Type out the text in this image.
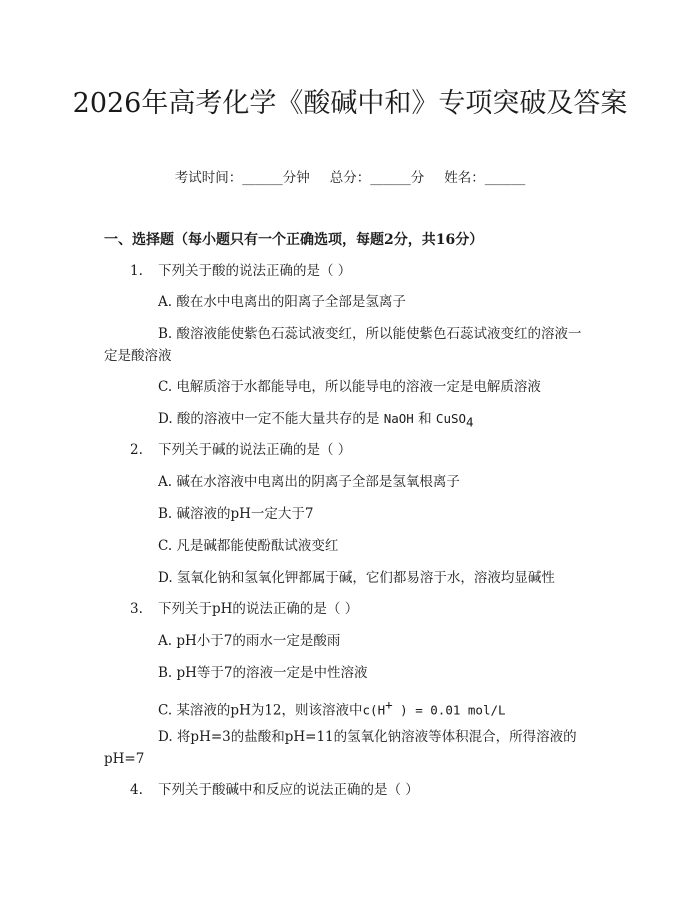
2026年高考化学《酸碱中和》专项突破及答案
考试时间：______分钟 总分：______分 姓名：______
一、选择题（每小题只有一个正确选项，每题2分，共16分）
1. 下列关于酸的说法正确的是（ ）
A. 酸在水中电离出的阳离子全部是氢离子
B. 酸溶液能使紫色石蕊试液变红，所以能使紫色石蕊试液变红的溶液一
定是酸溶液
C. 电解质溶于水都能导电，所以能导电的溶液一定是电解质溶液
D. 酸的溶液中一定不能大量共存的是 NaOH 和 CuSO$_4$
2. 下列关于碱的说法正确的是（ ）
A. 碱在水溶液中电离出的阴离子全部是氢氧根离子
B. 碱溶液的pH一定大于7
C. 凡是碱都能使酚酞试液变红
D. 氢氧化钠和氢氧化钾都属于碱，它们都易溶于水，溶液均显碱性
3. 下列关于pH的说法正确的是（ ）
A. pH小于7的雨水一定是酸雨
B. pH等于7的溶液一定是中性溶液
C. 某溶液的pH为12，则该溶液中c(H+ ) = 0.01 mol/L
D. 将pH=3的盐酸和pH=11的氢氧化钠溶液等体积混合，所得溶液的
pH=7
4. 下列关于酸碱中和反应的说法正确的是（ ）
